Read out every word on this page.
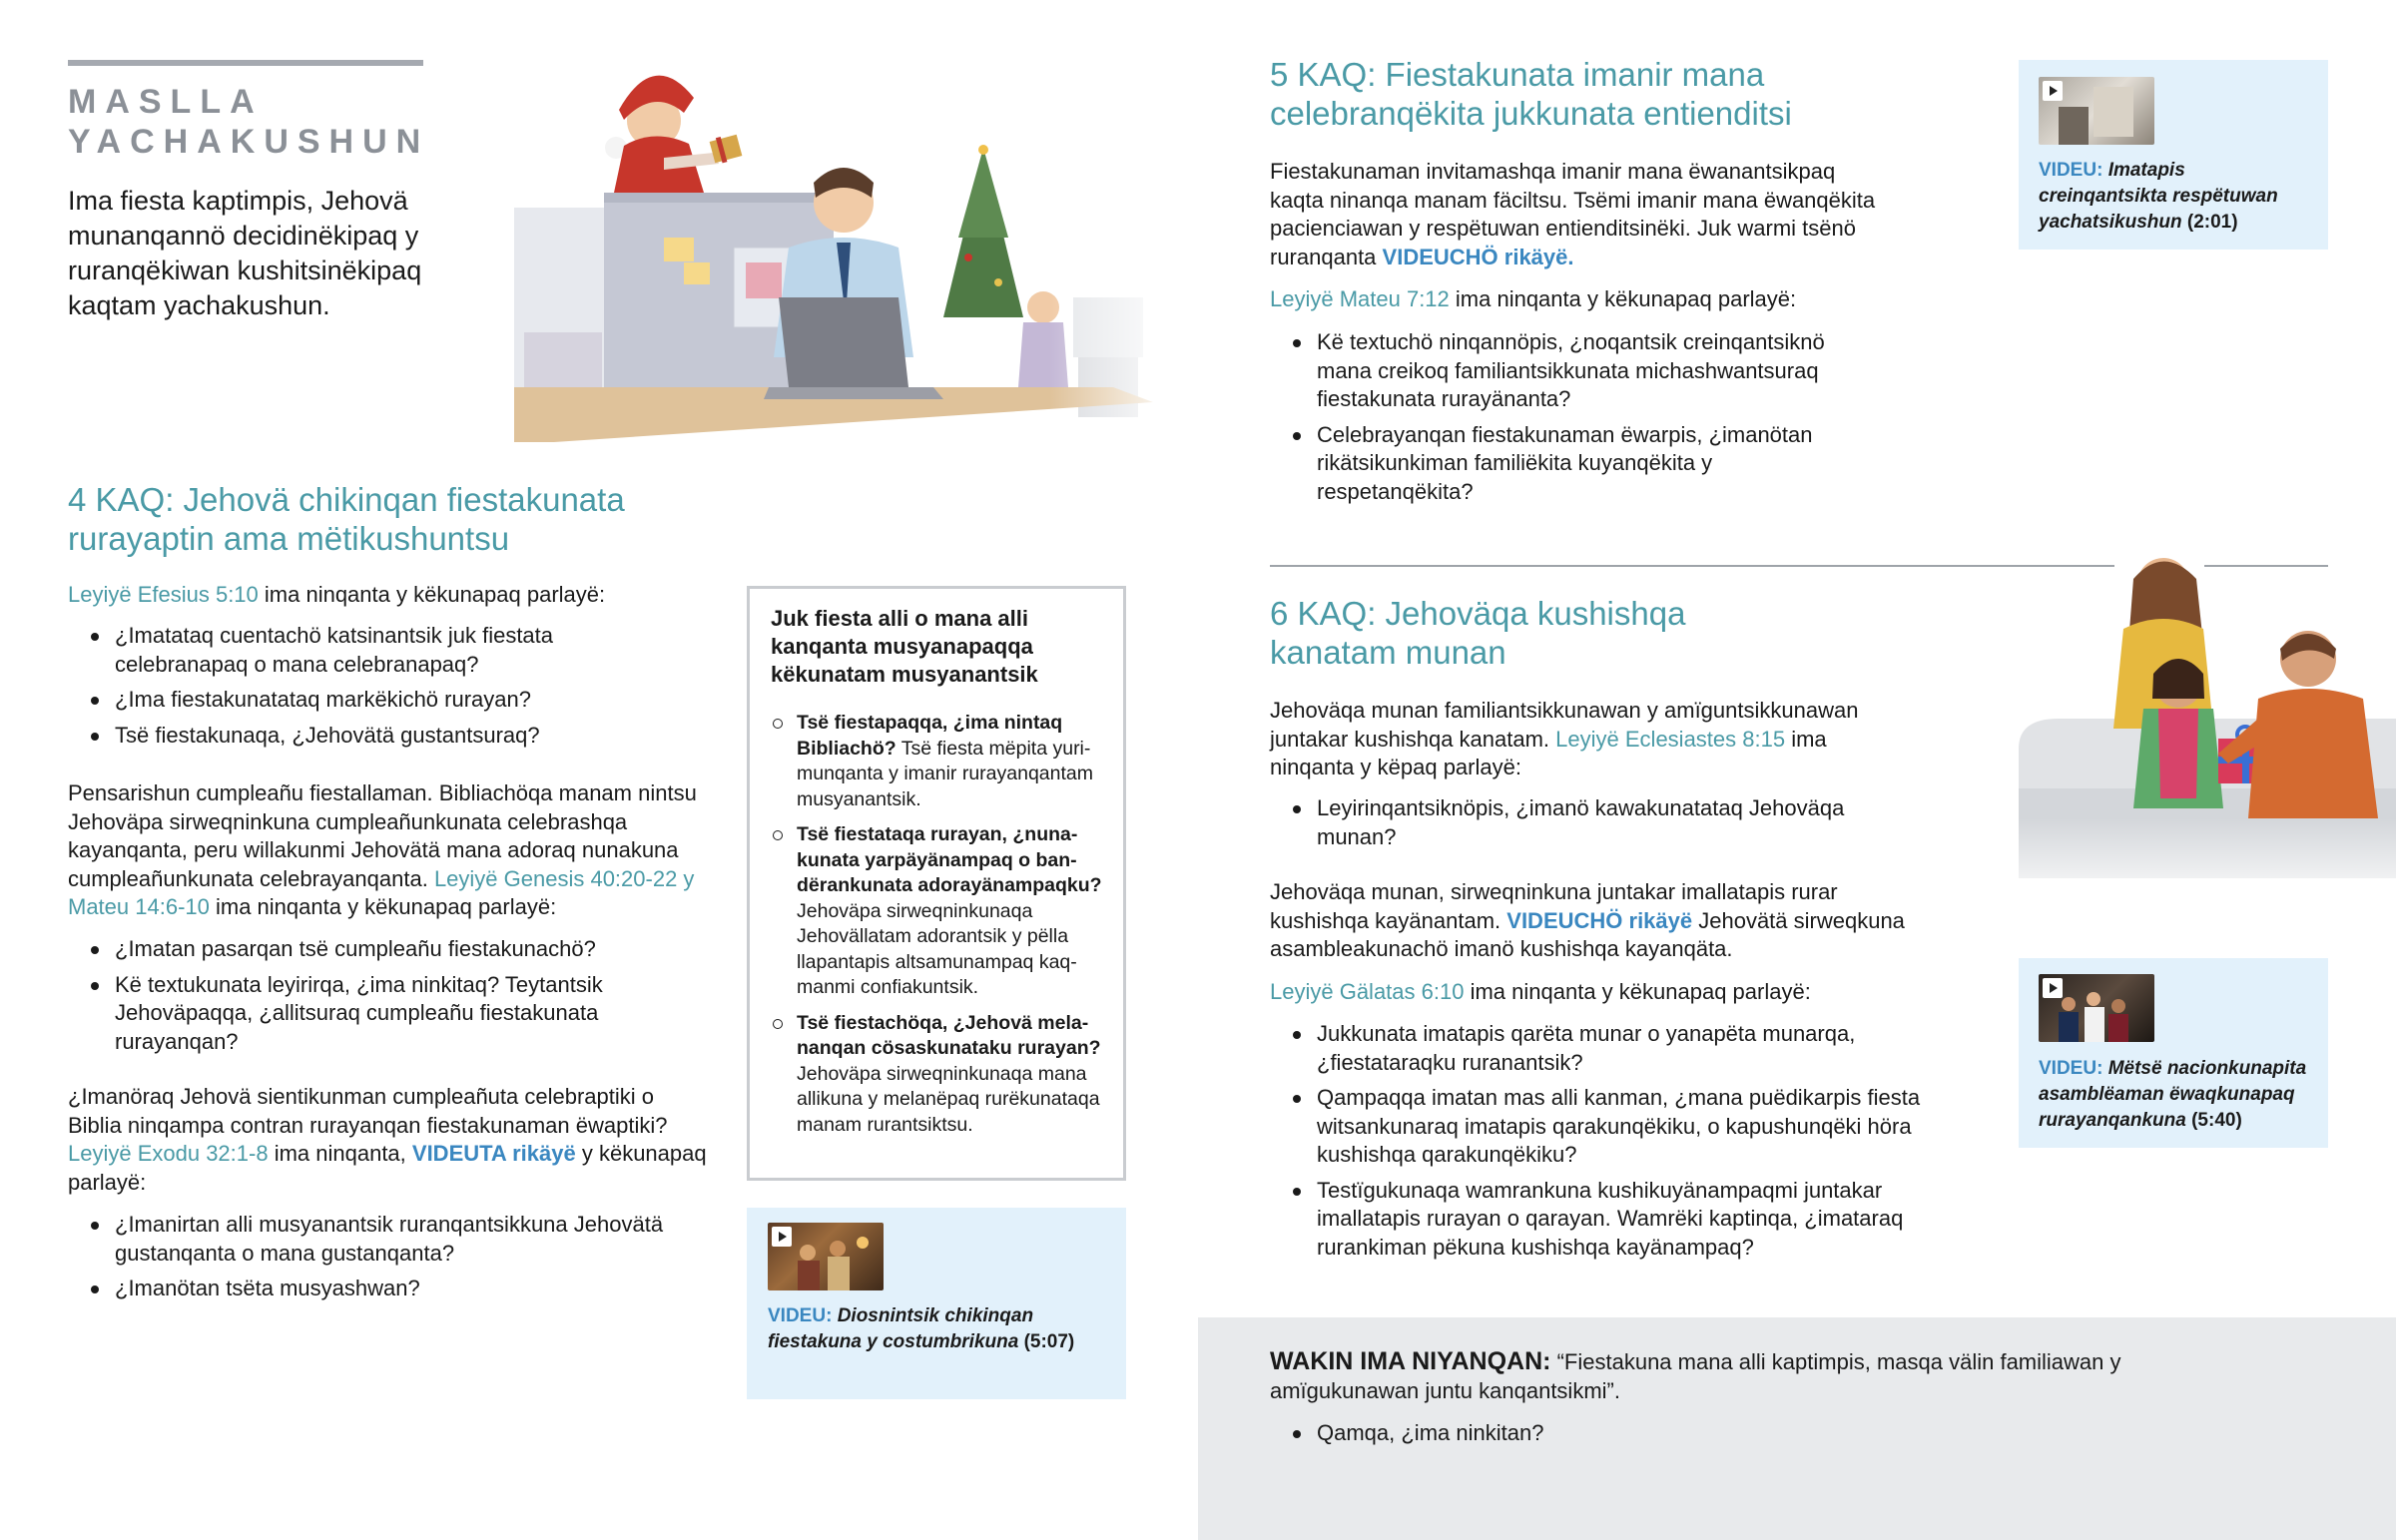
MASLLA
YACHAKUSHUN
Ima fiesta kaptimpis, Jehovä munanqannö decidinëkipaq y ruranqëkiwan kushitsinëkipaq kaqtam yachakushun.
4 KAQ: Jehovä chikinqan fiestakunata rurayaptin ama mëtikushuntsu

Leyiyë Efesius 5:10 ima ninqanta y këkunapaq parlayë:

¿Imatataq cuentachö katsinantsik juk fiestata celebranapaq o mana celebranapaq?
¿Ima fiestakunatataq markëkichö rurayan?
Tsë fiestakunaqa, ¿Jehovätä gustantsuraq?

Pensarishun cumpleañu fiestallaman. Bibliachöqa manam nintsu Jehoväpa sirweqninkuna cumpleañunkunata celebrashqa kayanqanta, peru willakunmi Jehovätä mana adoraq nunakuna cumpleañunkunata celebrayanqanta. Leyiyë Genesis 40:20-22 y Mateu 14:6-10 ima ninqanta y këkunapaq parlayë:

¿Imatan pasarqan tsë cumpleañu fiestakunachö?
Kë textukunata leyirirqa, ¿ima ninkitaq? Teytantsik Jehoväpaqqa, ¿allitsuraq cumpleañu fiestakunata rurayanqan?

¿Imanöraq Jehovä sientikunman cumpleañuta celebraptiki o Biblia ninqampa contran rurayanqan fiestakunaman ëwaptiki? Leyiyë Exodu 32:1-8 ima ninqanta, VIDEUTA rikäyë y këkunapaq parlayë:

¿Imanirtan alli musyanantsik ruranqantsikkuna Jehovätä gustanqanta o mana gustanqanta?
¿Imanötan tsëta musyashwan?
Juk fiesta alli o mana alli kanqanta musyanapaqqa këkunatam musyanantsik
Tsë fiestapaqqa, ¿ima nintaq Bibliachö? Tsë fiesta mëpita yurimunqanta y imanir rurayanqantam musyanantsik.
Tsë fiestataqa rurayan, ¿nunakunata yarpäyänampaq o bandërankunata adorayänampaqku? Jehoväpa sirweqninkunaqa Jehovällatam adorantsik y pëlla llapantapis altsamunampaq kaqmanmi confiakuntsik.
Tsë fiestachöqa, ¿Jehovä melananqan cösaskunataku rurayan? Jehoväpa sirweqninkunaqa mana allikuna y melanëpaq rurëkunataqa manam rurantsiktsu.
VIDEU: Diosnintsik chikinqan fiestakuna y costumbrikuna (5:07)
5 KAQ: Fiestakunata imanir mana celebranqëkita jukkunata entienditsi

Fiestakunaman invitamashqa imanir mana ëwanantsikpaq kaqta ninanqa manam fäciltsu. Tsëmi imanir mana ëwanqëkita pacienciawan y respëtuwan entienditsinëki. Juk warmi tsënö ruranqanta VIDEUCHÖ rikäyë.

Leyiyë Mateu 7:12 ima ninqanta y këkunapaq parlayë:

Kë textuchö ninqannöpis, ¿noqantsik creinqantsiknö mana creikoq familiantsikkunata michashwantsuraq fiestakunata rurayänanta?
Celebrayanqan fiestakunaman ëwarpis, ¿imanötan rikätsikunkiman familiëkita kuyanqëkita y respetanqëkita?
VIDEU: Imatapis creinqantsikta respëtuwan yachatsikushun (2:01)
6 KAQ: Jehoväqa kushishqa kanatam munan

Jehoväqa munan familiantsikkunawan y amïguntsikkunawan juntakar kushishqa kanatam. Leyiyë Eclesiastes 8:15 ima ninqanta y këpaq parlayë:

Leyirinqantsiknöpis, ¿imanö kawakunatataq Jehoväqa munan?

Jehoväqa munan, sirweqninkuna juntakar imallatapis rurar kushishqa kayänantam. VIDEUCHÖ rikäyë Jehovätä sirweqkuna asambleakunachö imanö kushishqa kayanqäta.

Leyiyë Gälatas 6:10 ima ninqanta y këkunapaq parlayë:

Jukkunata imatapis qarëta munar o yanapëta munarqa, ¿fiestataraqku ruranantsik?
Qampaqqa imatan mas alli kanman, ¿mana puëdikarpis fiesta witsankunaraq imatapis qarakunqëkiku, o kapushunqëki höra kushishqa qarakunqëkiku?
Testïgukunaqa wamrankuna kushikuyänampaqmi juntakar imallatapis rurayan o qarayan. Wamrëki kaptinqa, ¿imataraq rurankiman pëkuna kushishqa kayänampaq?
VIDEU: Mëtsë nacionkunapita asamblëaman ëwaqkunapaq rurayanqankuna (5:40)

WAKIN IMA NIYANQAN: “Fiestakuna mana alli kaptimpis, masqa välin familiawan y amïgukunawan juntu kanqantsikmi”.

Qamqa, ¿ima ninkitan?
